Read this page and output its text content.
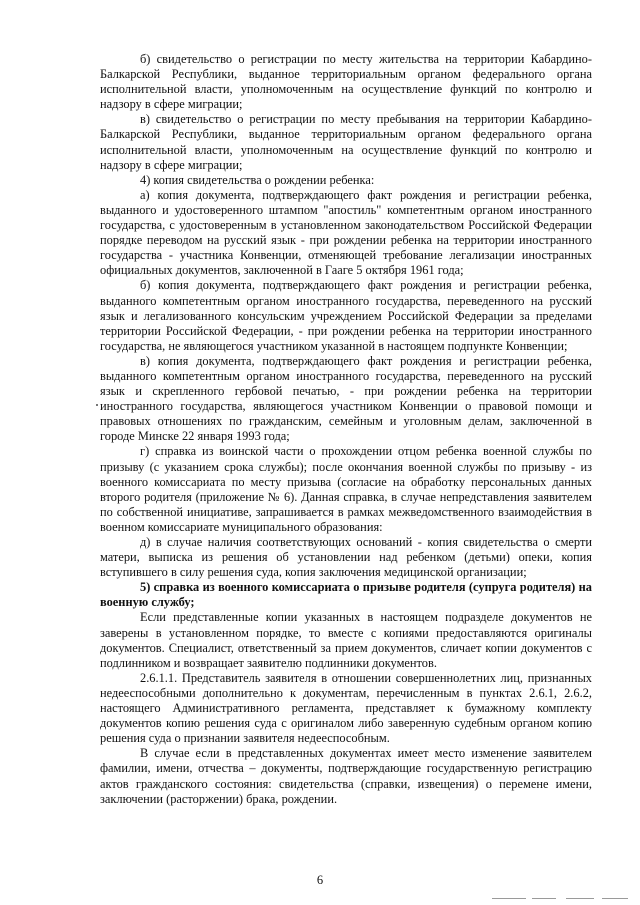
б) свидетельство о регистрации по месту жительства на территории Кабардино-Балкарской Республики, выданное территориальным органом федерального органа исполнительной власти, уполномоченным на осуществление функций по контролю и надзору в сфере миграции;

в) свидетельство о регистрации по месту пребывания на территории Кабардино-Балкарской Республики, выданное территориальным органом федерального органа исполнительной власти, уполномоченным на осуществление функций по контролю и надзору в сфере миграции;

4) копия свидетельства о рождении ребенка:

а) копия документа, подтверждающего факт рождения и регистрации ребенка, выданного и удостоверенного штампом "апостиль" компетентным органом иностранного государства, с удостоверенным в установленном законодательством Российской Федерации порядке переводом на русский язык - при рождении ребенка на территории иностранного государства - участника Конвенции, отменяющей требование легализации иностранных официальных документов, заключенной в Гааге 5 октября 1961 года;

б) копия документа, подтверждающего факт рождения и регистрации ребенка, выданного компетентным органом иностранного государства, переведенного на русский язык и легализованного консульским учреждением Российской Федерации за пределами территории Российской Федерации, - при рождении ребенка на территории иностранного государства, не являющегося участником указанной в настоящем подпункте Конвенции;

в) копия документа, подтверждающего факт рождения и регистрации ребенка, выданного компетентным органом иностранного государства, переведенного на русский язык и скрепленного гербовой печатью, - при рождении ребенка на территории иностранного государства, являющегося участником Конвенции о правовой помощи и правовых отношениях по гражданским, семейным и уголовным делам, заключенной в городе Минске 22 января 1993 года;

г) справка из воинской части о прохождении отцом ребенка военной службы по призыву (с указанием срока службы); после окончания военной службы по призыву - из военного комиссариата по месту призыва (согласие на обработку персональных данных второго родителя (приложение № 6). Данная справка, в случае непредставления заявителем по собственной инициативе, запрашивается в рамках межведомственного взаимодействия в военном комиссариате муниципального образования:

д) в случае наличия соответствующих оснований - копия свидетельства о смерти матери, выписка из решения об установлении над ребенком (детьми) опеки, копия вступившего в силу решения суда, копия заключения медицинской организации;

5) справка из военного комиссариата о призыве родителя (супруга родителя) на военную службу;

Если представленные копии указанных в настоящем подразделе документов не заверены в установленном порядке, то вместе с копиями предоставляются оригиналы документов. Специалист, ответственный за прием документов, сличает копии документов с подлинником и возвращает заявителю подлинники документов.

2.6.1.1. Представитель заявителя в отношении совершеннолетних лиц, признанных недееспособными дополнительно к документам, перечисленным в пунктах 2.6.1, 2.6.2, настоящего Административного регламента, представляет к бумажному комплекту документов копию решения суда с оригиналом либо заверенную судебным органом копию решения суда о признании заявителя недееспособным.

В случае если в представленных документах имеет место изменение заявителем фамилии, имени, отчества – документы, подтверждающие государственную регистрацию актов гражданского состояния: свидетельства (справки, извещения) о перемене имени, заключении (расторжении) брака, рождении.

6
